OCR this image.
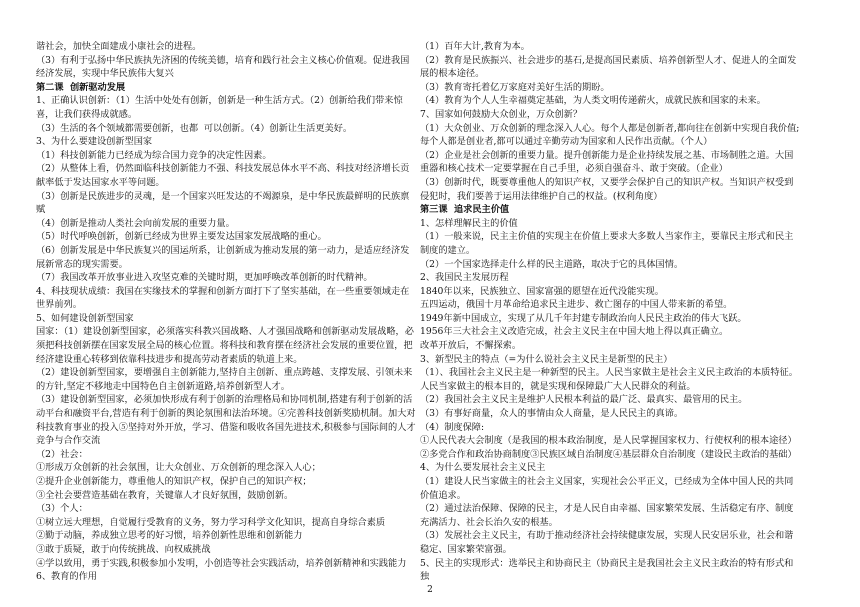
谐社会，加快全面建成小康社会的进程。

（3）有利于弘扬中华民族执先济困的传统美德，培育和践行社会主义核心价值观。促进我国经济发展，实现中华民族伟大复兴

第二课  创新驱动发展

1、正确认识创新：（1）生活中处处有创新，创新是一种生活方式。（2）创新给我们带来惊喜，让我们获得成就感。

（3）生活的各个领域都需要创新，也都  可以创新。（4）创新让生活更美好。

3、为什么要建设创新型国家

（1）科技创新能力已经成为综合国力竞争的决定性因素。

（2）从整体上看，仍然面临科技创新能力不强、科技发展总体水平不高、科技对经济增长贡献率低于发达国家水平等问题。

（3）创新是民族进步的灵魂，是一个国家兴旺发达的不竭源泉，是中华民族最鲜明的民族禀赋

（4）创新是推动人类社会向前发展的重要力量。

（5）时代呼唤创新，创新已经成为世界主要发达国家发展战略的重心。

（6）创新发展是中华民族复兴的国运所系，让创新成为推动发展的第一动力，是适应经济发展新常态的现实需要。

（7）我国改革开放事业进入攻坚克难的关键时期，更加呼唤改革创新的时代精神。

4、科技现状成绩：我国在实缘技术的掌握和创新方面打下了坚实基础，在一些重要领域走在世界前列。

5、如何建设创新型国家

国家：（1）建设创新型国家，必须落实科教兴国战略、人才强国战略和创新驱动发展战略，必须把科技创新摆在国家发展全局的核心位置。将科技和教育摆在经济社会发展的重要位置，把经济建设重心转移到依靠科技进步和提高劳动者素质的轨道上来。

（2）建设创新型国家，要增强自主创新能力,坚持自主创新、重点跨越、支撑发展、引领未来的方针,坚定不移地走中国特色自主创新道路,培养创新型人才。

（3）建设创新型国家，必须加快形成有利于创新的治理格局和协同机制,搭建有利于创新的活动平台和融资平台,营造有利于创新的舆论氛围和法治环境。④完善科技创新奖励机制。加大对科技教育事业的投入⑤坚持对外开放，学习、借鉴和吸收各国先进技术,积极参与国际间的人才竞争与合作交流

（2）社会：

①形成万众创新的社会氛围，让大众创业、万众创新的理念深入人心；

②提升企业创新能力，尊重他人的知识产权，保护自己的知识产权；

③全社会要营造基础在教育，关键靠人才良好氛围，鼓励创新。

（3）个人：

①树立远大理想，自觉履行受教育的义务，努力学习科学文化知识，提高自身综合素质

②勤于动脑，养成独立思考的好习惯，培养创新性思维和创新能力

③敢于质疑，敢于向传统挑战、向权威挑战

④学以致用，勇于实践,积极参加小发明，小创造等社会实践活动，培养创新精神和实践能力

6、教育的作用

（1）百年大计,教育为本。

（2）教育是民族振兴、社会进步的基石,是提高国民素质、培养创新型人才、促进人的全面发展的根本途径。

（3）教育寄托着亿万家庭对美好生活的期盼。

（4）教育为个人人生幸福奠定基础，为人类文明传递薪火，成就民族和国家的未来。

7、国家如何鼓励大众创业，万众创新？

（1）大众创业、万众创新的理念深入人心。每个人都是创新者,都向往在创新中实现自我价值;每个人都是创业者,都可以通过辛勤劳动为国家和人民作出贡献。（个人）

（2）企业是社会创新的重要力量。提升创新能力是企业持续发展之基、市场制胜之道。大国重器和核心技术一定要掌握在自己手里，必须自强奋斗、敢于突破。（企业）

（3）创新时代，既要尊重他人的知识产权，又要学会保护自己的知识产权。当知识产权受到侵犯时，我们要善于运用法律维护自己的权益。(权利角度）

第三课  追求民主价值

1、怎样理解民主的价值

（1）一般来说，民主主价值的实现主在价值上要求大多数人当家作主，要靠民主形式和民主制度的建立。

（2）一个国家选择走什么样的民主道路，取决于它的具体国情。

2、我国民主发展历程

1840年以来，民族独立、国家富强的愿望在近代没能实现。

五四运动，俄国十月革命给追求民主进步、救亡图存的中国人带来新的希望。

1949年新中国成立，实现了从几千年封建专制政治向人民民主政治的伟大飞跃。

1956年三大社会主义改造完成，社会主义民主在中国大地上得以真正确立。

改革开放后，不懈探索。

3、新型民主的特点（=为什么说社会主义民主是新型的民主）

（1）、我国社会主义民主是一种新型的民主。人民当家做主是社会主义民主政治的本质特征。人民当家做主的根本目的，就是实现和保障最广大人民群众的利益。

（2）我国社会主义民主是维护人民根本利益的最广泛、最真实、最管用的民主。

（3）有事好商量，众人的事情由众人商量，是人民民主的真谛。

（4）制度保障:

①人民代表大会制度（是我国的根本政治制度，是人民掌握国家权力、行使权利的根本途径）

②多党合作和政治协商制度③民族区域自治制度④基层群众自治制度（建设民主政治的基础）

4、为什么要发展社会主义民主

（1）建设人民当家做主的社会主义国家，实现社会公平正义，已经成为全体中国人民的共同价值追求。

（2）通过法治保障、保障的民主，才是人民自由幸福、国家繁荣发展、生活稳定有序、制度充满活力、社会长治久安的根基。

（3）发展社会主义民主，有助于推动经济社会持续健康发展，实现人民安居乐业，社会和谐稳定、国家繁荣富强。

5、民主的实现形式：选举民主和协商民主（协商民主是我国社会主义民主政治的特有形式和独

2
